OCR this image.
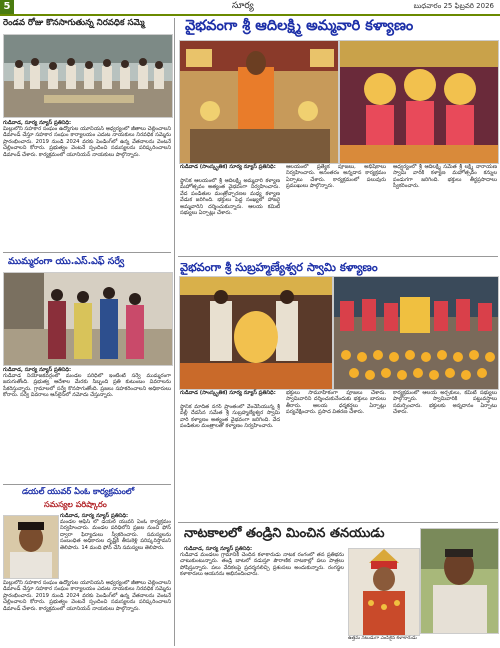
5	సూర్య	బుధవారం 25 ఫిబ్రవరి 2026
రెండవ రోజు కొనసాగుతున్న నిరవధిక సమ్మె
గుడివాడ, సూర్య న్యూస్ ప్రతినిధి:
మిల్లులోని సహకార సంఘం ఉద్యోగుల యూనియన్ ఆధ్వర్యంలో జీతాలు చెల్లించాలని డిమాండ్ చేస్తూ సహకార సంఘం కార్యాలయం ఎదుట నాయకులు నిరవధిక సమ్మెను ప్రారంభించారు. 2019 నుండి 2024 వరకు పెండింగ్‌లో ఉన్న వేతనాలను వెంటనే చెల్లించాలని కోరారు. ప్రభుత్వం వెంటనే స్పందించి సమస్యలను పరిష్కరించాలని డిమాండ్ చేశారు. కార్యక్రమంలో యూనియన్ నాయకులు పాల్గొన్నారు.
ముమ్మరంగా యు.ఎస్.ఎఫ్ సర్వే
గుడివాడ, సూర్య న్యూస్ ప్రతినిధి:
గుడివాడ నియోజకవర్గంలో మండల పరిధిలో ఇంటింటి సర్వే ముమ్మరంగా జరుగుతోంది. ప్రభుత్వ ఆదేశాల మేరకు సిబ్బంది ప్రతి కుటుంబం వివరాలను సేకరిస్తున్నారు. గ్రామాలలో సర్వే కొనసాగుతోంది. ప్రజలు సహకరించాలని అధికారులు కోరారు. సర్వే వివరాలు ఆన్‌లైన్‌లో నమోదు చేస్తున్నారు.
డయల్ యువర్ ఏంఓ కార్యక్రమంలో
సమస్యల పరిష్కారం
గుడివాడ, సూర్య న్యూస్ ప్రతినిధి:
మండల ఆఫీస్ లో డయల్ యువర్ ఏంఓ కార్యక్రమం నిర్వహించారు. మండల పరిధిలోని ప్రజల నుంచి ఫోన్ ద్వారా ఫిర్యాదులు స్వీకరించారు. సమస్యలను సంబంధిత అధికారుల దృష్టికి తీసుకెళ్లి పరిష్కరిస్తామని తెలిపారు. 14 మంది ఫోన్ చేసి సమస్యలు తెలిపారు.
మిల్లులోని సహకార సంఘం ఉద్యోగుల యూనియన్ ఆధ్వర్యంలో జీతాలు చెల్లించాలని డిమాండ్ చేస్తూ సహకార సంఘం కార్యాలయం ఎదుట నాయకులు నిరవధిక సమ్మెను ప్రారంభించారు. 2019 నుండి 2024 వరకు పెండింగ్‌లో ఉన్న వేతనాలను వెంటనే చెల్లించాలని కోరారు. ప్రభుత్వం వెంటనే స్పందించి సమస్యలను పరిష్కరించాలని డిమాండ్ చేశారు. కార్యక్రమంలో యూనియన్ నాయకులు పాల్గొన్నారు.
వైభవంగా శ్రీ ఆదిలక్ష్మి అమ్మవారి కళ్యాణం
గుడివాడ (సాంస్కృతిక) సూర్య న్యూస్ ప్రతినిధి:
స్థానిక ఆలయంలో శ్రీ ఆదిలక్ష్మి అమ్మవారి కళ్యాణ మహోత్సవం అత్యంత వైభవంగా నిర్వహించారు. వేద పండితుల మంత్రోచ్ఛారణల మధ్య కళ్యాణ వేడుక జరిగింది. భక్తులు పెద్ద సంఖ్యలో హాజరై అమ్మవారిని దర్శించుకున్నారు. ఆలయ కమిటీ సభ్యులు ఏర్పాట్లు చేశారు.
ఆలయంలో ప్రత్యేక పూజలు, అభిషేకాలు నిర్వహించారు. అనంతరం అన్నదాన కార్యక్రమం ఏర్పాటు చేశారు. కార్యక్రమంలో పలువురు ప్రముఖులు పాల్గొన్నారు.
ఆధ్వర్యంలో శ్రీ ఆదిలక్ష్మి సమేత శ్రీ లక్ష్మీ నారాయణ స్వామి వారికి కళ్యాణ మహోత్సవం కన్నుల పండుగగా జరిగింది. భక్తులు తీర్థప్రసాదాలు స్వీకరించారు.
వైభవంగా శ్రీ సుబ్రహ్మణ్యేశ్వర స్వామి కళ్యాణం
గుడివాడ (సాంస్కృతిక) సూర్య న్యూస్ ప్రతినిధి:
స్థానిక మాదిత నగర్ ప్రాంతంలో వేంచేసియున్న శ్రీ వల్లీ దేవసేన సమేత శ్రీ సుబ్రహ్మణ్యేశ్వర స్వామి వారి కళ్యాణం అత్యంత వైభవంగా జరిగింది. వేద పండితుల మంత్రాలతో కళ్యాణం నిర్వహించారు.
భక్తులు సామూహికంగా పూజలు చేశారు. స్వామివారిని దర్శించుకునేందుకు భక్తులు బారులు తీరారు. ఆలయ ధర్మకర్తలు ఏర్పాట్లు పర్యవేక్షించారు. ప్రసాద వితరణ చేశారు.
కార్యక్రమంలో ఆలయ అర్చకులు, కమిటీ సభ్యులు పాల్గొన్నారు. స్వామివారికి పట్టువస్త్రాలు సమర్పించారు. భక్తులకు అన్నదానం ఏర్పాటు చేశారు.
నాటకాలలో తండ్రిని మించిన తనయుడు
గుడివాడ, సూర్య న్యూస్ ప్రతినిధి:
గుడివాడ మండలం గ్రామానికి చెందిన కళాకారుడు నాటక రంగంలో తన ప్రతిభను చాటుకుంటున్నారు. తండ్రి బాటలో నడుస్తూ పౌరాణిక నాటకాల్లో పలు పాత్రలు పోషిస్తున్నారు. పలు వేదికలపై ప్రదర్శనలిచ్చి ప్రశంసలు అందుకున్నారు. రంగస్థల కళాకారులు ఆయనను అభినందించారు.
ఉత్తమ నటుడుగా ఎంపికైన కళాకారుడు
